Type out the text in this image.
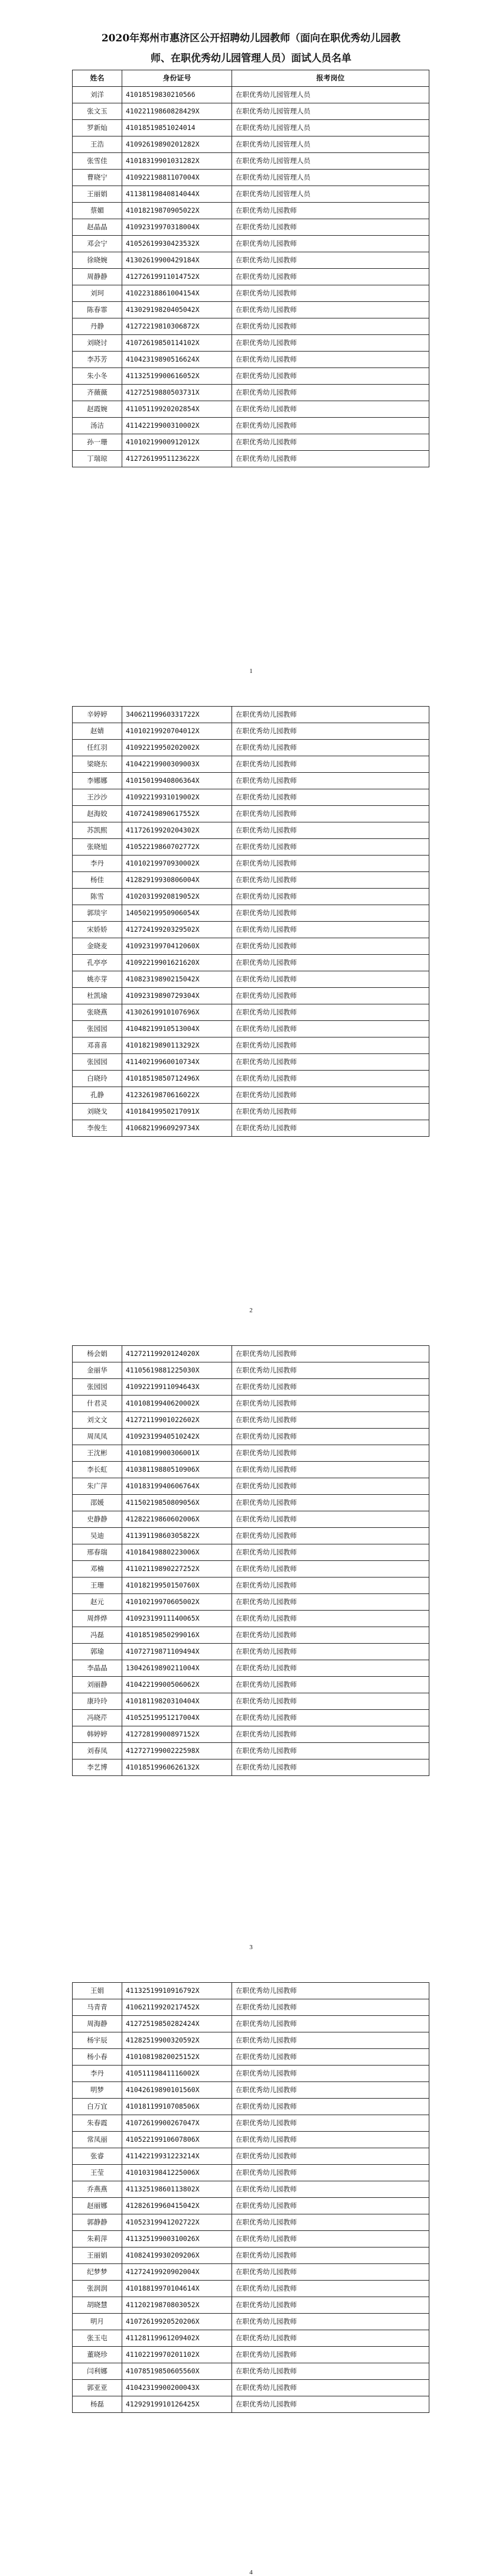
2020年郑州市惠济区公开招聘幼儿园教师（面向在职优秀幼儿园教
师、在职优秀幼儿园管理人员）面试人员名单
姓名	身份证号	报考岗位
刘洋	41018519830210566	在职优秀幼儿园管理人员
张文玉	41022119860828429X	在职优秀幼儿园管理人员
罗新灿	41018519851024014	在职优秀幼儿园管理人员
王浩	41092619890201282X	在职优秀幼儿园管理人员
张雪佳	41018319901031282X	在职优秀幼儿园管理人员
曹晓宁	41092219881107004X	在职优秀幼儿园管理人员
王丽娟	41138119840814044X	在职优秀幼儿园管理人员
蔡媚	41018219870905022X	在职优秀幼儿园教师
赵晶晶	41092319970318004X	在职优秀幼儿园教师
邓会宁	41052619930423532X	在职优秀幼儿园教师
徐晓婉	41302619900429184X	在职优秀幼儿园教师
周静静	41272619911014752X	在职优秀幼儿园教师
刘珂	41022318861004154X	在职优秀幼儿园教师
陈春霏	41302919820405042X	在职优秀幼儿园教师
丹静	41272219810306872X	在职优秀幼儿园教师
刘晓讨	41072619850114102X	在职优秀幼儿园教师
李苏芳	41042319890516624X	在职优秀幼儿园教师
朱小冬	41132519900616052X	在职优秀幼儿园教师
齐薇薇	41272519880503731X	在职优秀幼儿园教师
赵霞婉	41105119920202854X	在职优秀幼儿园教师
汤洁	41142219900310002X	在职优秀幼儿园教师
孙一珊	41010219900912012X	在职优秀幼儿园教师
丁瑞琼	41272619951123622X	在职优秀幼儿园教师
1
辛婷婷	34062119960331722X	在职优秀幼儿园教师
赵婧	41010219920704012X	在职优秀幼儿园教师
任红羽	41092219950202002X	在职优秀幼儿园教师
梁晓东	41042219900309003X	在职优秀幼儿园教师
李娜娜	41015019940806364X	在职优秀幼儿园教师
王沙沙	41092219931019002X	在职优秀幼儿园教师
赵海姣	41072419890617552X	在职优秀幼儿园教师
苏凯熙	41172619920204302X	在职优秀幼儿园教师
张晓旭	41052219860702772X	在职优秀幼儿园教师
李丹	41010219970930002X	在职优秀幼儿园教师
杨佳	41282919930806004X	在职优秀幼儿园教师
陈雪	41020319920819052X	在职优秀幼儿园教师
郭琰宇	14050219950906054X	在职优秀幼儿园教师
宋娇娇	41272419920329502X	在职优秀幼儿园教师
金晓麦	41092319970412060X	在职优秀幼儿园教师
孔亭亭	41092219901621620X	在职优秀幼儿园教师
姚亦芽	41082319890215042X	在职优秀幼儿园教师
杜凯瑜	41092319890729304X	在职优秀幼儿园教师
张晓燕	41302619910107696X	在职优秀幼儿园教师
张园园	41048219910513004X	在职优秀幼儿园教师
邓喜喜	41018219890113292X	在职优秀幼儿园教师
张园园	41140219960010734X	在职优秀幼儿园教师
白晓玲	41018519850712496X	在职优秀幼儿园教师
孔静	41232619870616022X	在职优秀幼儿园教师
刘晓戈	41018419950217091X	在职优秀幼儿园教师
李俊生	41068219960929734X	在职优秀幼儿园教师
2
杨会娟	41272119920124020X	在职优秀幼儿园教师
金丽华	41105619881225030X	在职优秀幼儿园教师
张园园	41092219911094643X	在职优秀幼儿园教师
什君灵	41010819940620002X	在职优秀幼儿园教师
刘文文	41272119901022602X	在职优秀幼儿园教师
周凤凤	41092319940510242X	在职优秀幼儿园教师
王沈彬	41010819900306001X	在职优秀幼儿园教师
李长虹	41038119880510906X	在职优秀幼儿园教师
朱广萍	41018319940606764X	在职优秀幼儿园教师
邵媛	41150219850809056X	在职优秀幼儿园教师
史静静	41282219860602006X	在职优秀幼儿园教师
吴迪	41139119860305822X	在职优秀幼儿园教师
邢春瑞	41018419880223006X	在职优秀幼儿园教师
邓楠	41102119890227252X	在职优秀幼儿园教师
王珊	41018219950150760X	在职优秀幼儿园教师
赵元	41010219970605002X	在职优秀幼儿园教师
周烨烨	41092319911140065X	在职优秀幼儿园教师
冯磊	41018519850299016X	在职优秀幼儿园教师
郭瑜	41072719871109494X	在职优秀幼儿园教师
李晶晶	13042619890211004X	在职优秀幼儿园教师
刘丽静	41042219900506062X	在职优秀幼儿园教师
康玲玲	41018119820310404X	在职优秀幼儿园教师
冯晓芹	41052519951217004X	在职优秀幼儿园教师
韩婷婷	41272819900897152X	在职优秀幼儿园教师
刘春凤	41272719900222598X	在职优秀幼儿园教师
李艺博	41018519960626132X	在职优秀幼儿园教师
3
王娟	41132519910916792X	在职优秀幼儿园教师
马青青	41062119920217452X	在职优秀幼儿园教师
周海静	41272519850282424X	在职优秀幼儿园教师
杨宇辰	41282519900320592X	在职优秀幼儿园教师
杨小春	41010819820025152X	在职优秀幼儿园教师
李丹	41051119841116002X	在职优秀幼儿园教师
明梦	41042619890101560X	在职优秀幼儿园教师
白万宜	41018119910708506X	在职优秀幼儿园教师
朱春霞	41072619900267047X	在职优秀幼儿园教师
常凤丽	41052219910607806X	在职优秀幼儿园教师
张睿	41142219931223214X	在职优秀幼儿园教师
王莹	41010319841225006X	在职优秀幼儿园教师
乔燕燕	41132519860113802X	在职优秀幼儿园教师
赵丽娜	41282619960415042X	在职优秀幼儿园教师
郭静静	41052319941202722X	在职优秀幼儿园教师
朱莉萍	41132519900310026X	在职优秀幼儿园教师
王丽娟	41082419930209206X	在职优秀幼儿园教师
纪梦梦	41272419920902004X	在职优秀幼儿园教师
张润润	41018819970104614X	在职优秀幼儿园教师
胡晓慧	41120219870803052X	在职优秀幼儿园教师
明月	41072619920520206X	在职优秀幼儿园教师
张玉屯	41128119961209402X	在职优秀幼儿园教师
董晓珍	41102219970201102X	在职优秀幼儿园教师
闫利娜	41078519850605560X	在职优秀幼儿园教师
郭亚亚	41042319900200043X	在职优秀幼儿园教师
杨磊	41292919910126425X	在职优秀幼儿园教师
4
